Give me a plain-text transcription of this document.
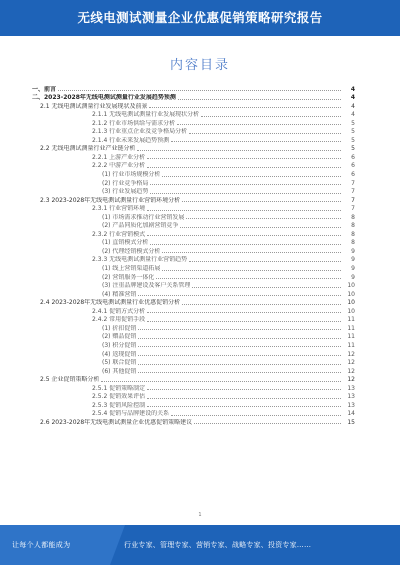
无线电测试测量企业优惠促销策略研究报告
内容目录
一、前言	4
二、2023-2028年无线电测试测量行业发展趋势预测	4
2.1 无线电测试测量行业发展现状及前景	4
2.1.1 无线电测试测量行业发展现状分析	4
2.1.2 行业市场供给与需求分析	5
2.1.3 行业重点企业及竞争格局分析	5
2.1.4 行业未来发展趋势预测	5
2.2 无线电测试测量行业产业链分析	5
2.2.1 上游产业分析	6
2.2.2 中游产业分析	6
(1) 行业市场规模分析	6
(2) 行业竞争格局	7
(3) 行业发展趋势	7
2.3 2023-2028年无线电测试测量行业营销环境分析	7
2.3.1 行业营销环境	7
(1) 市场需求推动行业营销发展	8
(2) 产品同质化加剧营销竞争	8
2.3.2 行业营销模式	8
(1) 直销模式分析	8
(2) 代理经销模式分析	9
2.3.3 无线电测试测量行业营销趋势	9
(1) 线上营销渠道拓展	9
(2) 营销服务一体化	9
(3) 注重品牌建设及客户关系管理	10
(4) 精准营销	10
2.4 2023-2028年无线电测试测量行业优惠促销分析	10
2.4.1 促销方式分析	10
2.4.2 常用促销手段	11
(1) 折扣促销	11
(2) 赠品促销	11
(3) 积分促销	11
(4) 返现促销	12
(5) 联合促销	12
(6) 其他促销	12
2.5 企业促销策略分析	12
2.5.1 促销策略制定	13
2.5.2 促销效果评估	13
2.5.3 促销风险控制	13
2.5.4 促销与品牌建设的关系	14
2.6 2023-2028年无线电测试测量企业优惠促销策略建议	15
1
让每个人都能成为	行业专家、管理专家、营销专家、战略专家、投资专家……
